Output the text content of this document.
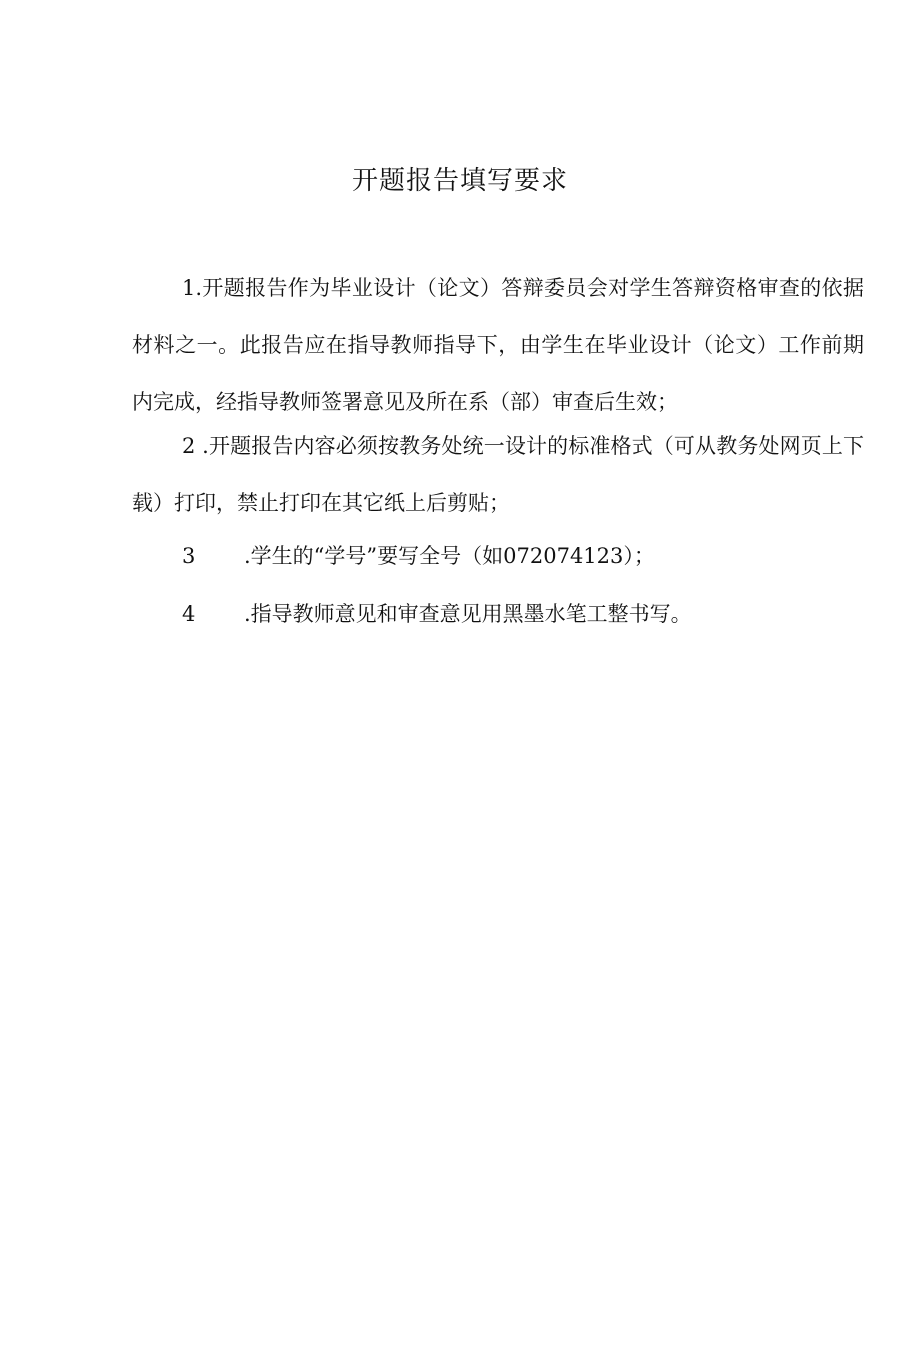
开题报告填写要求
1.开题报告作为毕业设计（论文）答辩委员会对学生答辩资格审查的依据材料之一。此报告应在指导教师指导下，由学生在毕业设计（论文）工作前期内完成，经指导教师签署意见及所在系（部）审查后生效；
2 .开题报告内容必须按教务处统一设计的标准格式（可从教务处网页上下载）打印，禁止打印在其它纸上后剪贴；
3 .学生的“学号”要写全号（如072074123）；
4 .指导教师意见和审查意见用黑墨水笔工整书写。
